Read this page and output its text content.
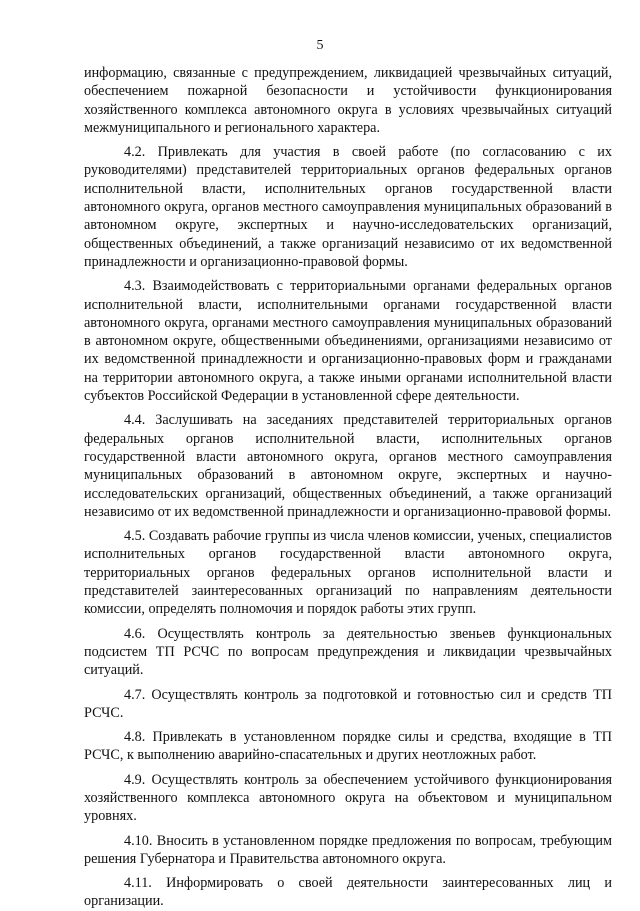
5

информацию, связанные с предупреждением, ликвидацией чрезвычайных ситуаций, обеспечением пожарной безопасности и устойчивости функционирования хозяйственного комплекса автономного округа в условиях чрезвычайных ситуаций межмуниципального и регионального характера.

4.2. Привлекать для участия в своей работе (по согласованию с их руководителями) представителей территориальных органов федеральных органов исполнительной власти, исполнительных органов государственной власти автономного округа, органов местного самоуправления муниципальных образований в автономном округе, экспертных и научно-исследовательских организаций, общественных объединений, а также организаций независимо от их ведомственной принадлежности и организационно-правовой формы.

4.3. Взаимодействовать с территориальными органами федеральных органов исполнительной власти, исполнительными органами государственной власти автономного округа, органами местного самоуправления муниципальных образований в автономном округе, общественными объединениями, организациями независимо от их ведомственной принадлежности и организационно-правовых форм и гражданами на территории автономного округа, а также иными органами исполнительной власти субъектов Российской Федерации в установленной сфере деятельности.

4.4. Заслушивать на заседаниях представителей территориальных органов федеральных органов исполнительной власти, исполнительных органов государственной власти автономного округа, органов местного самоуправления муниципальных образований в автономном округе, экспертных и научно-исследовательских организаций, общественных объединений, а также организаций независимо от их ведомственной принадлежности и организационно-правовой формы.

4.5. Создавать рабочие группы из числа членов комиссии, ученых, специалистов исполнительных органов государственной власти автономного округа, территориальных органов федеральных органов исполнительной власти и представителей заинтересованных организаций по направлениям деятельности комиссии, определять полномочия и порядок работы этих групп.

4.6. Осуществлять контроль за деятельностью звеньев функциональных подсистем ТП РСЧС по вопросам предупреждения и ликвидации чрезвычайных ситуаций.

4.7. Осуществлять контроль за подготовкой и готовностью сил и средств ТП РСЧС.

4.8. Привлекать в установленном порядке силы и средства, входящие в ТП РСЧС, к выполнению аварийно-спасательных и других неотложных работ.

4.9. Осуществлять контроль за обеспечением устойчивого функционирования хозяйственного комплекса автономного округа на объектовом и муниципальном уровнях.

4.10. Вносить в установленном порядке предложения по вопросам, требующим решения Губернатора и Правительства автономного округа.

4.11. Информировать о своей деятельности заинтересованных лиц и организации.
